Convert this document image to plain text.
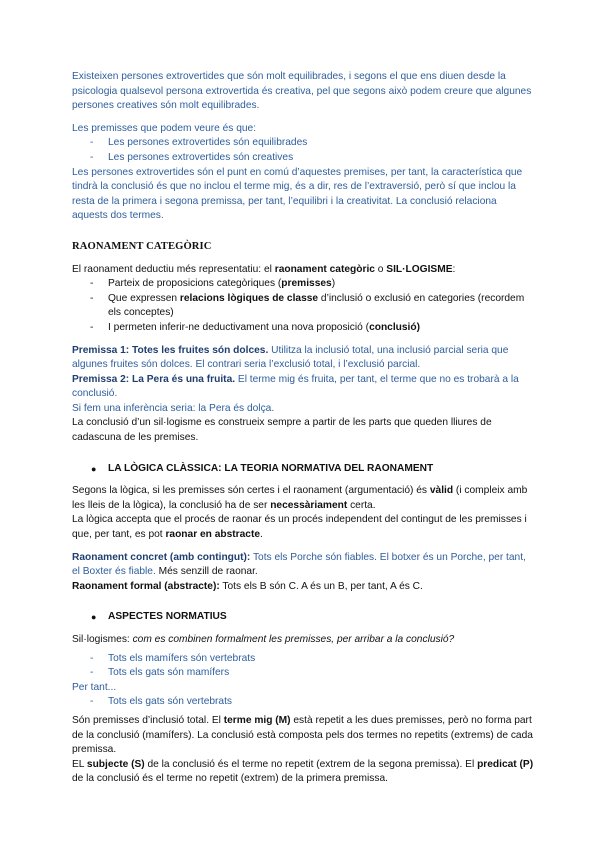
Existeixen persones extrovertides que són molt equilibrades, i segons el que ens diuen desde la psicologia qualsevol persona extrovertida és creativa, pel que segons això podem creure que algunes persones creatives són molt equilibrades.

Les premisses que podem veure és que:

- Les persones extrovertides són equilibrades
- Les persones extrovertides són creatives

Les persones extrovertides són el punt en comú d’aquestes premises, per tant, la característica que tindrà la conclusió és que no inclou el terme mig, és a dir, res de l’extraversió, però sí que inclou la resta de la primera i segona premissa, per tant, l’equilibri i la creativitat. La conclusió relaciona aquests dos termes.

RAONAMENT CATEGÒRIC

El raonament deductiu més representatiu: el raonament categòric o SIL·LOGISME:

- Parteix de proposicions categòriques (premisses)
- Que expressen relacions lògiques de classe d’inclusió o exclusió en categories (recordem els conceptes)
- I permeten inferir-ne deductivament una nova proposició (conclusió)

Premissa 1: Totes les fruites són dolces. Utilitza la inclusió total, una inclusió parcial seria que algunes fruites són dolces. El contrari seria l’exclusió total, i l’exclusió parcial.

Premissa 2: La Pera és una fruita. El terme mig és fruita, per tant, el terme que no es trobarà a la conclusió.

Si fem una inferència seria: la Pera és dolça.

La conclusió d’un sil·logisme es construeix sempre a partir de les parts que queden lliures de cadascuna de les premises.

● LA LÒGICA CLÀSSICA: LA TEORIA NORMATIVA DEL RAONAMENT

Segons la lògica, si les premisses són certes i el raonament (argumentació) és vàlid (i compleix amb les lleis de la lògica), la conclusió ha de ser necessàriament certa.

La lògica accepta que el procés de raonar és un procés independent del contingut de les premisses i que, per tant, es pot raonar en abstracte.

Raonament concret (amb contingut): Tots els Porche són fiables. El botxer és un Porche, per tant, el Boxter és fiable. Més senzill de raonar.

Raonament formal (abstracte): Tots els B són C. A és un B, per tant, A és C.

● ASPECTES NORMATIUS

Sil·logismes: com es combinen formalment les premisses, per arribar a la conclusió?

- Tots els mamífers són vertebrats
- Tots els gats són mamífers

Per tant...

- Tots els gats són vertebrats

Són premisses d’inclusió total. El terme mig (M) està repetit a les dues premisses, però no forma part de la conclusió (mamífers). La conclusió està composta pels dos termes no repetits (extrems) de cada premissa.

EL subjecte (S) de la conclusió és el terme no repetit (extrem de la segona premissa). El predicat (P) de la conclusió és el terme no repetit (extrem) de la primera premissa.
